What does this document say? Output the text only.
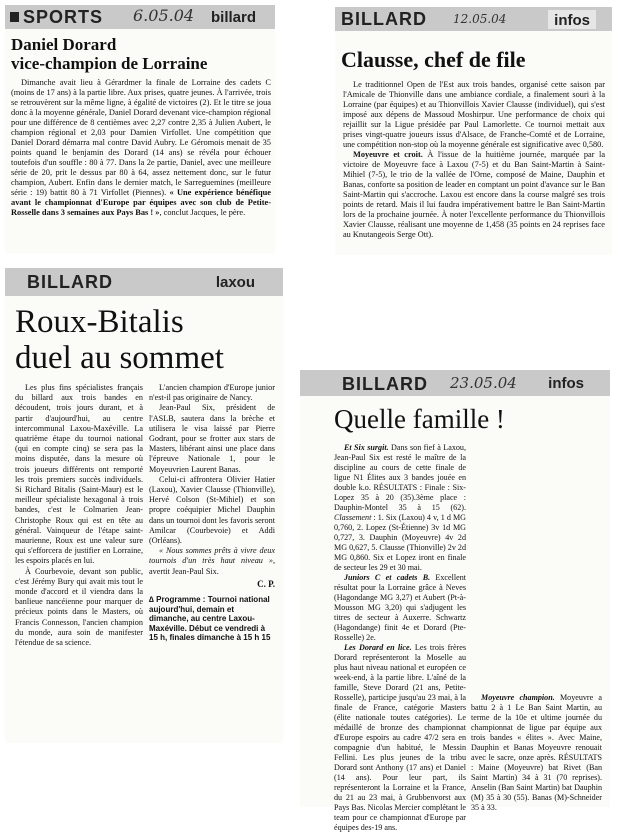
SPORTS 6.05.04 billard
Daniel Dorard
vice-champion de Lorraine

Dimanche avait lieu à Gérardmer la finale de Lorraine des cadets C (moins de 17 ans) à la partie libre. Aux prises, quatre jeunes. À l'arrivée, trois se retrouvèrent sur la même ligne, à égalité de victoires (2). Et le titre se joua donc à la moyenne générale, Daniel Dorard devenant vice-champion régional pour une différence de 8 centièmes avec 2,27 contre 2,35 à Julien Aubert, le champion régional et 2,03 pour Damien Virfollet. Une compétition que Daniel Dorard démarra mal contre David Aubry. Le Géromois menait de 35 points quand le benjamin des Dorard (14 ans) se révéla pour échouer toutefois d'un souffle : 80 à 77. Dans la 2e partie, Daniel, avec une meilleure série de 20, prit le dessus par 80 à 64, assez nettement donc, sur le futur champion, Aubert. Enfin dans le dernier match, le Sarreguemines (meilleure série : 19) battit 80 à 71 Virfollet (Piennes). « Une expérience bénéfique avant le championnat d'Europe par équipes avec son club de Petite-Rosselle dans 3 semaines aux Pays Bas ! », conclut Jacques, le père.

BILLARD 12.05.04	infos
Clausse, chef de file

Le traditionnel Open de l'Est aux trois bandes, organisé cette saison par l'Amicale de Thionville dans une ambiance cordiale, a finalement souri à la Lorraine (par équipes) et au Thionvillois Xavier Clausse (individuel), qui s'est imposé aux dépens de Massoud Moshirpur. Une performance de choix qui rejaillit sur la Ligue présidée par Paul Lamorlette. Ce tournoi mettait aux prises vingt-quatre joueurs issus d'Alsace, de Franche-Comté et de Lorraine, une compétition non-stop où la moyenne générale est significative avec 0,580.

Moyeuvre et croit. À l'issue de la huitième journée, marquée par la victoire de Moyeuvre face à Laxou (7-5) et du Ban Saint-Martin à Saint-Mihiel (7-5), le trio de la vallée de l'Orne, composé de Maine, Dauphin et Banas, conforte sa position de leader en comptant un point d'avance sur le Ban Saint-Martin qui s'accroche. Laxou est encore dans la course malgré ses trois points de retard. Mais il lui faudra impérativement battre le Ban Saint-Martin lors de la prochaine journée. À noter l'excellente performance du Thionvillois Xavier Clausse, réalisant une moyenne de 1,458 (35 points en 24 reprises face au Knutangeois Serge Ott).

BILLARD	laxou
Roux-Bitalis
duel au sommet

Les plus fins spécialistes français du billard aux trois bandes en découdent, trois jours durant, et à partir d'aujourd'hui, au centre intercommunal Laxou-Maxéville. La quatrième étape du tournoi national (qui en compte cinq) se sera pas la moins disputée, dans la mesure où trois joueurs différents ont remporté les trois premiers succès individuels. Si Richard Bitalis (Saint-Maur) est le meilleur spécialiste hexagonal à trois bandes, c'est le Colmarien Jean-Christophe Roux qui est en tête au général. Vainqueur de l'étape saint-maurienne, Roux est une valeur sure qui s'efforcera de justifier en Lorraine, les espoirs placés en lui.

À Courbevoie, devant son public, c'est Jérémy Bury qui avait mis tout le monde d'accord et il viendra dans la banlieue nancéienne pour marquer de précieux points dans le Masters, où Francis Connesson, l'ancien champion du monde, aura soin de manifester l'étendue de sa science.

L'ancien champion d'Europe junior n'est-il pas originaire de Nancy.

Jean-Paul Six, président de l'ASLB, sautera dans la brèche et utilisera le visa laissé par Pierre Godrant, pour se frotter aux stars de Masters, libérant ainsi une place dans l'épreuve Nationale 1, pour le Moyeuvrien Laurent Banas.

Celui-ci affrontera Olivier Hatier (Laxou), Xavier Clausse (Thionville), Hervé Colson (St-Mihiel) et son propre coéquipier Michel Dauphin dans un tournoi dont les favoris seront Amilcar (Courbevoie) et Addi (Orléans).

« Nous sommes prêts à vivre deux tournois d'un très haut niveau », avertit Jean-Paul Six.

C. P.
∆ Programme : Tournoi national aujourd'hui, demain et dimanche, au centre Laxou-Maxéville. Début ce vendredi à 15 h, finales dimanche à 15 h 15
BILLARD 23.05.04 infos
Quelle famille !

Et Six surgit. Dans son fief à Laxou, Jean-Paul Six est resté le maître de la discipline au cours de cette finale de ligue N1 Élites aux 3 bandes jouée en double k.o. RÉSULTATS : Finale : Six-Lopez 35 à 20 (35).3ème place : Dauphin-Montel 35 à 15 (62). Classement : 1. Six (Laxou) 4 v, 1 d MG 0,760, 2. Lopez (St-Étienne) 3v 1d MG 0,727, 3. Dauphin (Moyeuvre) 4v 2d MG 0,627, 5. Clausse (Thionville) 2v 2d MG 0,860. Six et Lopez iront en finale de secteur les 29 et 30 mai.

Juniors C et cadets B. Excellent résultat pour la Lorraine grâce à Neves (Hagondange MG 3,27) et Aubert (Pt-à-Mousson MG 3,20) qui s'adjugent les titres de secteur à Auxerre. Schwartz (Hagondange) finit 4e et Dorard (Pte-Rosselle) 2e.

Les Dorard en lice. Les trois frères Dorard représenteront la Moselle au plus haut niveau national et européen ce week-end, à la partie libre. L'aîné de la famille, Steve Dorard (21 ans, Petite-Rosselle), participe jusqu'au 23 mai, à la finale de France, catégorie Masters (élite nationale toutes catégories). Le médaillé de bronze des championnat d'Europe espoirs au cadre 47/2 sera en compagnie d'un habitué, le Messin Fellini. Les plus jeunes de la tribu Dorard sont Anthony (17 ans) et Daniel (14 ans). Pour leur part, ils représenteront la Lorraine et la France, du 21 au 23 mai, à Grubbenvorst aux Pays Bas. Nicolas Mercier complétant le team pour ce championnat d'Europe par équipes des-19 ans.

Moyeuvre champion. Moyeuvre a battu 2 à 1 Le Ban Saint Martin, au terme de la 10e et ultime journée du championnat de ligue par équipe aux trois bandes « élites ». Avec Maine, Dauphin et Banas Moyeuvre renouait avec le sacre, onze après. RÉSULTATS : Maine (Moyeuvre) bat Rivet (Ban Saint Martin) 34 à 31 (70 reprises). Anselin (Ban Saint Martin) bat Dauphin (M) 35 à 30 (55). Banas (M)-Schneider 35 à 33.
